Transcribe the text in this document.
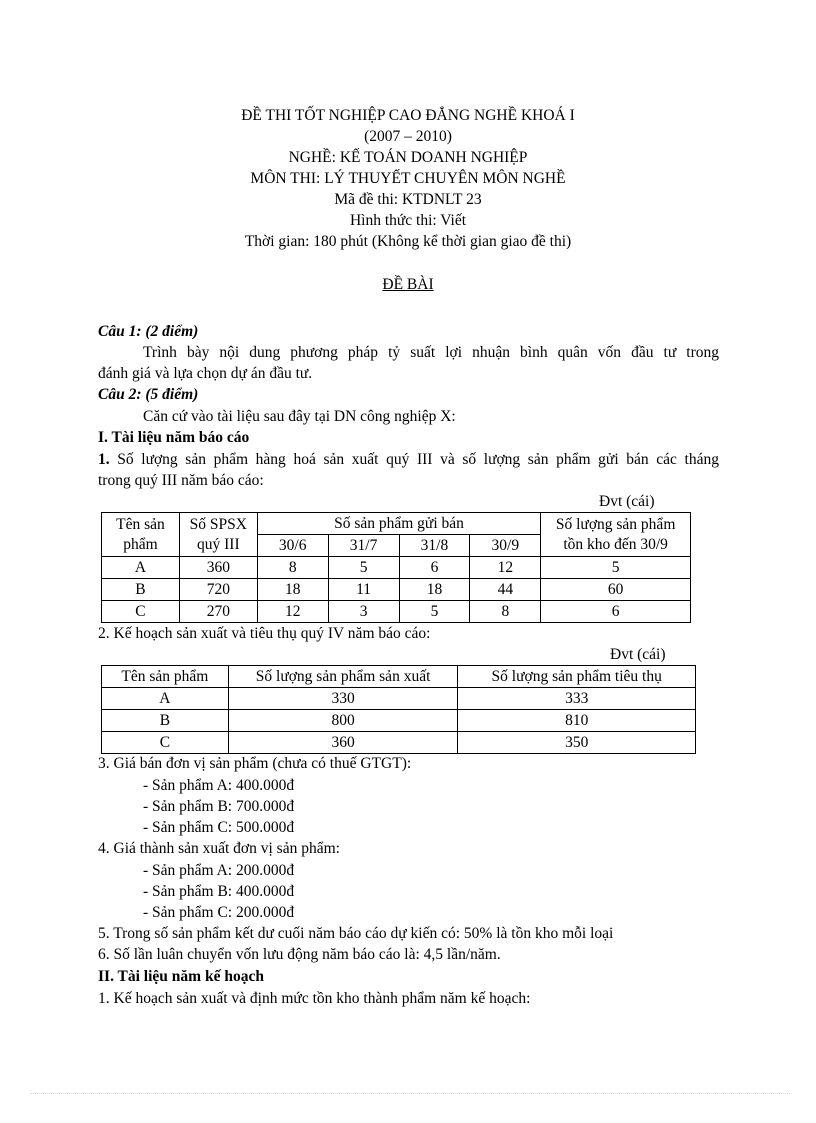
ĐỀ THI TỐT NGHIỆP CAO ĐẲNG NGHỀ KHOÁ I
(2007 – 2010)
NGHỀ: KẾ TOÁN DOANH NGHIỆP
MÔN THI: LÝ THUYẾT CHUYÊN MÔN NGHỀ
Mã đề thi: KTDNLT 23
Hình thức thi: Viết
Thời gian: 180 phút (Không kể thời gian giao đề thi)
ĐỀ BÀI
Câu 1: (2 điểm)
Trình bày nội dung phương pháp tỷ suất lợi nhuận bình quân vốn đầu tư trong
đánh giá và lựa chọn dự án đầu tư.
Câu 2: (5 điểm)
Căn cứ vào tài liệu sau đây tại DN công nghiệp X:
I. Tài liệu năm báo cáo
1. Số lượng sản phẩm hàng hoá sản xuất quý III và số lượng sản phẩm gửi bán các tháng
trong quý III năm báo cáo:
Đvt (cái)
Tên sản
phẩm	Số SPSX
quý III	Số sản phẩm gửi bán				Số lượng sản phẩm
tồn kho đến 30/9
		30/6	31/7	31/8	30/9	
A	360	8	5	6	12	5
B	720	18	11	18	44	60
C	270	12	3	5	8	6
2. Kế hoạch sản xuất và tiêu thụ quý IV năm báo cáo:
Đvt (cái)
Tên sản phẩm	Số lượng sản phẩm sản xuất	Số lượng sản phẩm tiêu thụ
A	330	333
B	800	810
C	360	350
3. Giá bán đơn vị sản phẩm (chưa có thuế GTGT):
- Sản phẩm A: 400.000đ
- Sản phẩm B: 700.000đ
- Sản phẩm C: 500.000đ
4. Giá thành sản xuất đơn vị sản phẩm:
- Sản phẩm A: 200.000đ
- Sản phẩm B: 400.000đ
- Sản phẩm C: 200.000đ
5. Trong số sản phẩm kết dư cuối năm báo cáo dự kiến có: 50% là tồn kho mỗi loại
6. Số lần luân chuyển vốn lưu động năm báo cáo là: 4,5 lần/năm.
II. Tài liệu năm kế hoạch
1. Kế hoạch sản xuất và định mức tồn kho thành phẩm năm kế hoạch:
